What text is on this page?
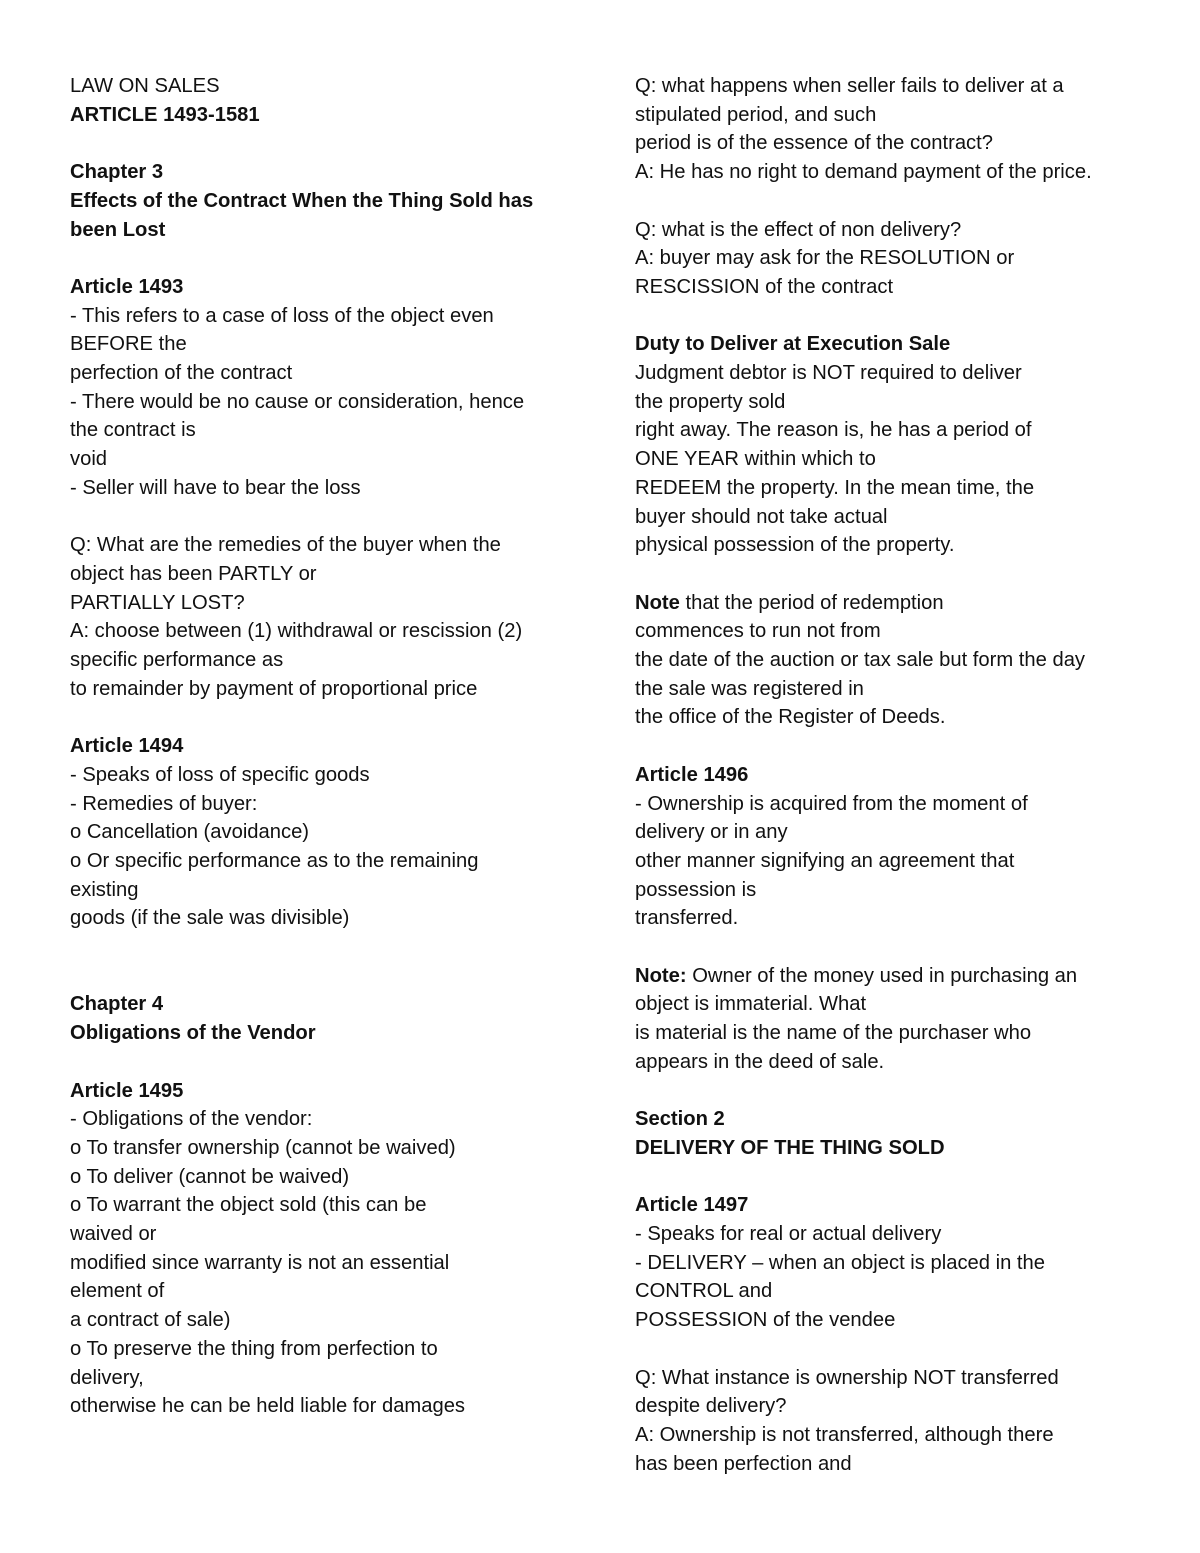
LAW ON SALES
ARTICLE 1493-1581
Chapter 3
Effects of the Contract When the Thing Sold has
been Lost
Article 1493
- This refers to a case of loss of the object even
BEFORE the
perfection of the contract
- There would be no cause or consideration, hence
the contract is
void
- Seller will have to bear the loss
Q: What are the remedies of the buyer when the
object has been PARTLY or
PARTIALLY LOST?
A: choose between (1) withdrawal or rescission (2)
specific performance as
to remainder by payment of proportional price
Article 1494
- Speaks of loss of specific goods
- Remedies of buyer:
o Cancellation (avoidance)
o Or specific performance as to the remaining
existing
goods (if the sale was divisible)
Chapter 4
Obligations of the Vendor
Article 1495
- Obligations of the vendor:
o To transfer ownership (cannot be waived)
o To deliver (cannot be waived)
o To warrant the object sold (this can be
waived or
modified since warranty is not an essential
element of
a contract of sale)
o To preserve the thing from perfection to
delivery,
otherwise he can be held liable for damages
Q: what happens when seller fails to deliver at a
stipulated period, and such
period is of the essence of the contract?
A: He has no right to demand payment of the price.
Q: what is the effect of non delivery?
A: buyer may ask for the RESOLUTION or
RESCISSION of the contract
Duty to Deliver at Execution Sale
Judgment debtor is NOT required to deliver
the property sold
right away. The reason is, he has a period of
ONE YEAR within which to
REDEEM the property. In the mean time, the
buyer should not take actual
physical possession of the property.
Note that the period of redemption
commences to run not from
the date of the auction or tax sale but form the day
the sale was registered in
the office of the Register of Deeds.
Article 1496
- Ownership is acquired from the moment of
delivery or in any
other manner signifying an agreement that
possession is
transferred.
Note: Owner of the money used in purchasing an
object is immaterial. What
is material is the name of the purchaser who
appears in the deed of sale.
Section 2
DELIVERY OF THE THING SOLD
Article 1497
- Speaks for real or actual delivery
- DELIVERY – when an object is placed in the
CONTROL and
POSSESSION of the vendee
Q: What instance is ownership NOT transferred
despite delivery?
A: Ownership is not transferred, although there
has been perfection and
